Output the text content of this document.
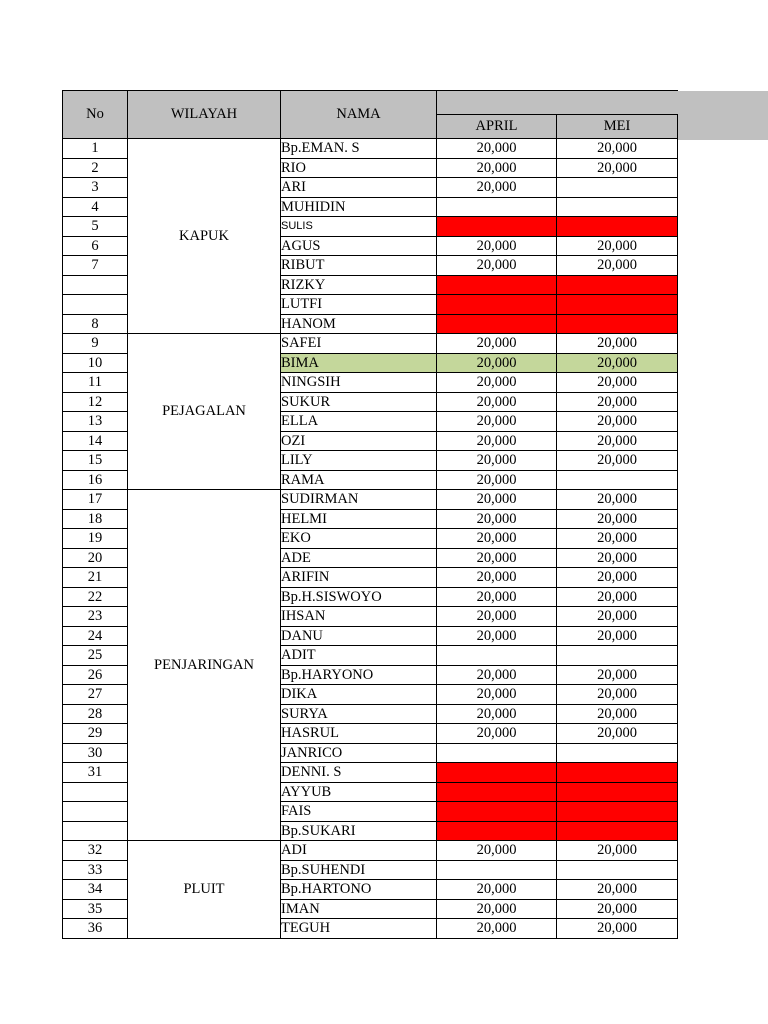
No	WILAYAH	NAMA		
			APRIL	MEI
1	KAPUK	Bp.EMAN. S	20,000	20,000
2		RIO	20,000	20,000
3		ARI	20,000	
4		MUHIDIN		
5		SULIS		
6		AGUS	20,000	20,000
7		RIBUT	20,000	20,000
		RIZKY		
		LUTFI		
8		HANOM		
9	PEJAGALAN	SAFEI	20,000	20,000
10		BIMA	20,000	20,000
11		NINGSIH	20,000	20,000
12		SUKUR	20,000	20,000
13		ELLA	20,000	20,000
14		OZI	20,000	20,000
15		LILY	20,000	20,000
16		RAMA	20,000	
17	PENJARINGAN	SUDIRMAN	20,000	20,000
18		HELMI	20,000	20,000
19		EKO	20,000	20,000
20		ADE	20,000	20,000
21		ARIFIN	20,000	20,000
22		Bp.H.SISWOYO	20,000	20,000
23		IHSAN	20,000	20,000
24		DANU	20,000	20,000
25		ADIT		
26		Bp.HARYONO	20,000	20,000
27		DIKA	20,000	20,000
28		SURYA	20,000	20,000
29		HASRUL	20,000	20,000
30		JANRICO		
31		DENNI. S		
		AYYUB		
		FAIS		
		Bp.SUKARI		
32	PLUIT	ADI	20,000	20,000
33		Bp.SUHENDI		
34		Bp.HARTONO	20,000	20,000
35		IMAN	20,000	20,000
36		TEGUH	20,000	20,000
